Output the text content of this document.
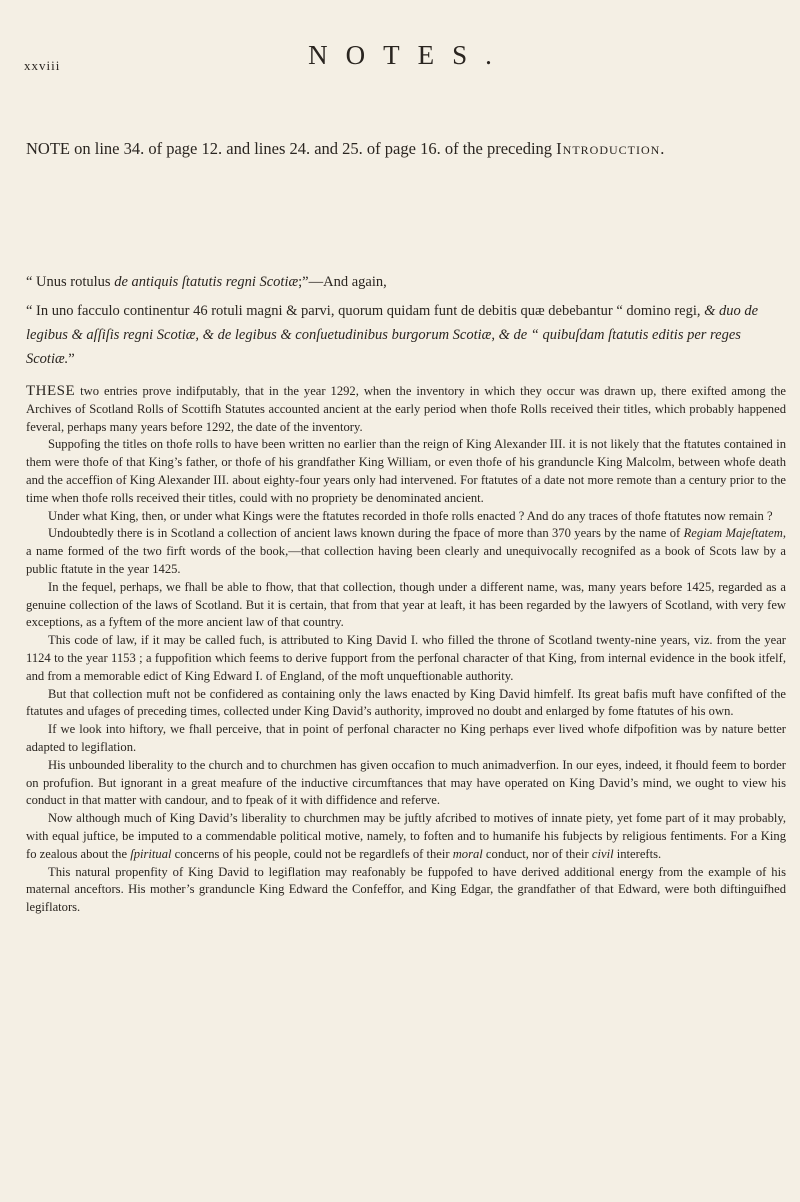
xxviii	NOTES.
NOTE on line 34. of page 12. and lines 24. and 25. of page 16. of the preceding Introduction.
“ Unus rotulus de antiquis ſtatutis regni Scotiæ;”—And again,
“ In uno facculo continentur 46 rotuli magni & parvi, quorum quidam funt de debitis quæ debebantur “ domino regi, & duo de legibus & aſſiſis regni Scotiæ, & de legibus & conſuetudinibus burgorum Scotiæ, & de “ quibuſdam ſtatutis editis per reges Scotiæ.”

THESE two entries prove indifputably, that in the year 1292, when the inventory in which they occur was drawn up, there exifted among the Archives of Scotland Rolls of Scottifh Statutes accounted ancient at the early period when thofe Rolls received their titles, which probably happened feveral, perhaps many years before 1292, the date of the inventory.

Suppofing the titles on thofe rolls to have been written no earlier than the reign of King Alexander III. it is not likely that the ftatutes contained in them were thofe of that King’s father, or thofe of his grandfather King William, or even thofe of his granduncle King Malcolm, between whofe death and the acceffion of King Alexander III. about eighty-four years only had intervened. For ftatutes of a date not more remote than a century prior to the time when thofe rolls received their titles, could with no propriety be denominated ancient.

Under what King, then, or under what Kings were the ftatutes recorded in thofe rolls enacted ? And do any traces of thofe ftatutes now remain ?

Undoubtedly there is in Scotland a collection of ancient laws known during the fpace of more than 370 years by the name of Regiam Majeſtatem, a name formed of the two firft words of the book,—that collection having been clearly and unequivocally recognifed as a book of Scots law by a public ftatute in the year 1425.

In the fequel, perhaps, we fhall be able to fhow, that that collection, though under a different name, was, many years before 1425, regarded as a genuine collection of the laws of Scotland. But it is certain, that from that year at leaft, it has been regarded by the lawyers of Scotland, with very few exceptions, as a fyftem of the more ancient law of that country.

This code of law, if it may be called fuch, is attributed to King David I. who filled the throne of Scotland twenty-nine years, viz. from the year 1124 to the year 1153 ; a fuppofition which feems to derive fupport from the perfonal character of that King, from internal evidence in the book itfelf, and from a memorable edict of King Edward I. of England, of the moft unqueftionable authority.

But that collection muft not be confidered as containing only the laws enacted by King David himfelf. Its great bafis muft have confifted of the ftatutes and ufages of preceding times, collected under King David’s authority, improved no doubt and enlarged by fome ftatutes of his own.

If we look into hiftory, we fhall perceive, that in point of perfonal character no King perhaps ever lived whofe difpofition was by nature better adapted to legiflation.

His unbounded liberality to the church and to churchmen has given occafion to much animadverfion. In our eyes, indeed, it fhould feem to border on profufion. But ignorant in a great meafure of the inductive circumftances that may have operated on King David’s mind, we ought to view his conduct in that matter with candour, and to fpeak of it with diffidence and referve.

Now although much of King David’s liberality to churchmen may be juftly afcribed to motives of innate piety, yet fome part of it may probably, with equal juftice, be imputed to a commendable political motive, namely, to foften and to humanife his fubjects by religious fentiments. For a King fo zealous about the ſpiritual concerns of his people, could not be regardlefs of their moral conduct, nor of their civil interefts.

This natural propenfity of King David to legiflation may reafonably be fuppofed to have derived additional energy from the example of his maternal anceftors. His mother’s granduncle King Edward the Confeffor, and King Edgar, the grandfather of that Edward, were both diftinguifhed legiflators.
